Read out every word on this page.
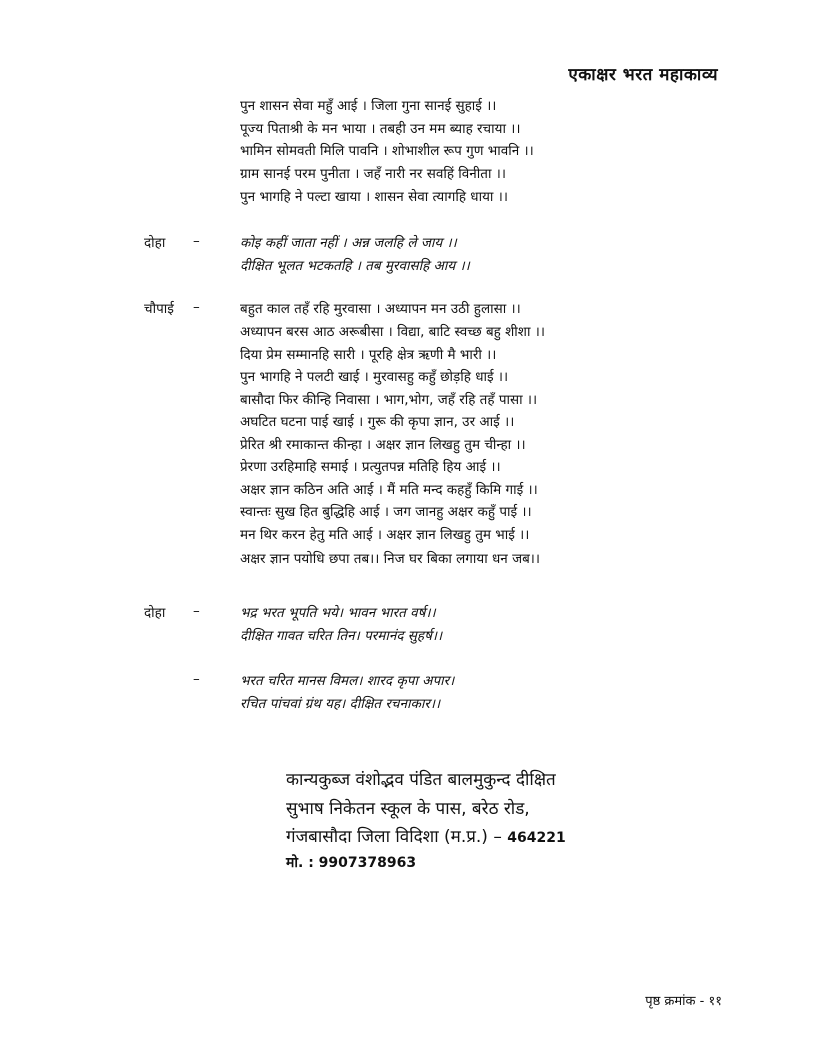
एकाक्षर भरत महाकाव्य
पुन शासन सेवा महुँ आई । जिला गुना सानई सुहाई ।।
पूज्य पिताश्री के मन भाया । तबही उन मम ब्याह रचाया ।।
भामिन सोमवती मिलि पावनि । शोभाशील रूप गुण भावनि ।।
ग्राम सानई परम पुनीता । जहँ नारी नर सवहिं विनीता ।।
पुन भागहि ने पल्टा खाया । शासन सेवा त्यागहि धाया ।।
दोहा –	कोइ कहीं जाता नहीं । अन्न जलहि ले जाय ।।
दीक्षित भूलत भटकतहि । तब मुरवासहि आय ।।
चौपाई –	बहुत काल तहँ रहि मुरवासा । अध्यापन मन उठी हुलासा ।।
अध्यापन बरस आठ अरूबीसा । विद्या, बाटि स्वच्छ बहु शीशा ।।
दिया प्रेम सम्मानहि सारी । पूरहि क्षेत्र ऋणी मै भारी ।।
पुन भागहि ने पलटी खाई । मुरवासहु कहुँ छोड़हि धाई ।।
बासौदा फिर कीन्हि निवासा । भाग,भोग, जहँ रहि तहँ पासा ।।
अघटित घटना पाई खाई । गुरू की कृपा ज्ञान, उर आई ।।
प्रेरित श्री रमाकान्त कीन्हा । अक्षर ज्ञान लिखहु तुम चीन्हा ।।
प्रेरणा उरहिमाहि समाई । प्रत्युतपन्न मतिहि हिय आई ।।
अक्षर ज्ञान कठिन अति आई । मैं मति मन्द कहहुँ किमि गाई ।।
स्वान्तः सुख हित बुद्धिहि आई । जग जानहु अक्षर कहुँ पाई ।।
मन थिर करन हेतु मति आई । अक्षर ज्ञान लिखहु तुम भाई ।।
अक्षर ज्ञान पयोधि छपा तब।। निज घर बिका लगाया धन जब।।
दोहा –	भद्र भरत भूपति भये। भावन भारत वर्ष।।
दीक्षित गावत चरित तिन। परमानंद सुहर्ष।।
–	भरत चरित मानस विमल। शारद कृपा अपार।
रचित पांचवां ग्रंथ यह। दीक्षित रचनाकार।।
कान्यकुब्ज वंशोद्भव पंडित बालमुकुन्द दीक्षित
सुभाष निकेतन स्कूल के पास, बरेठ रोड,
गंजबासौदा जिला विदिशा (म.प्र.) – 464221
मो. : 9907378963
पृष्ठ क्रमांक - ११
